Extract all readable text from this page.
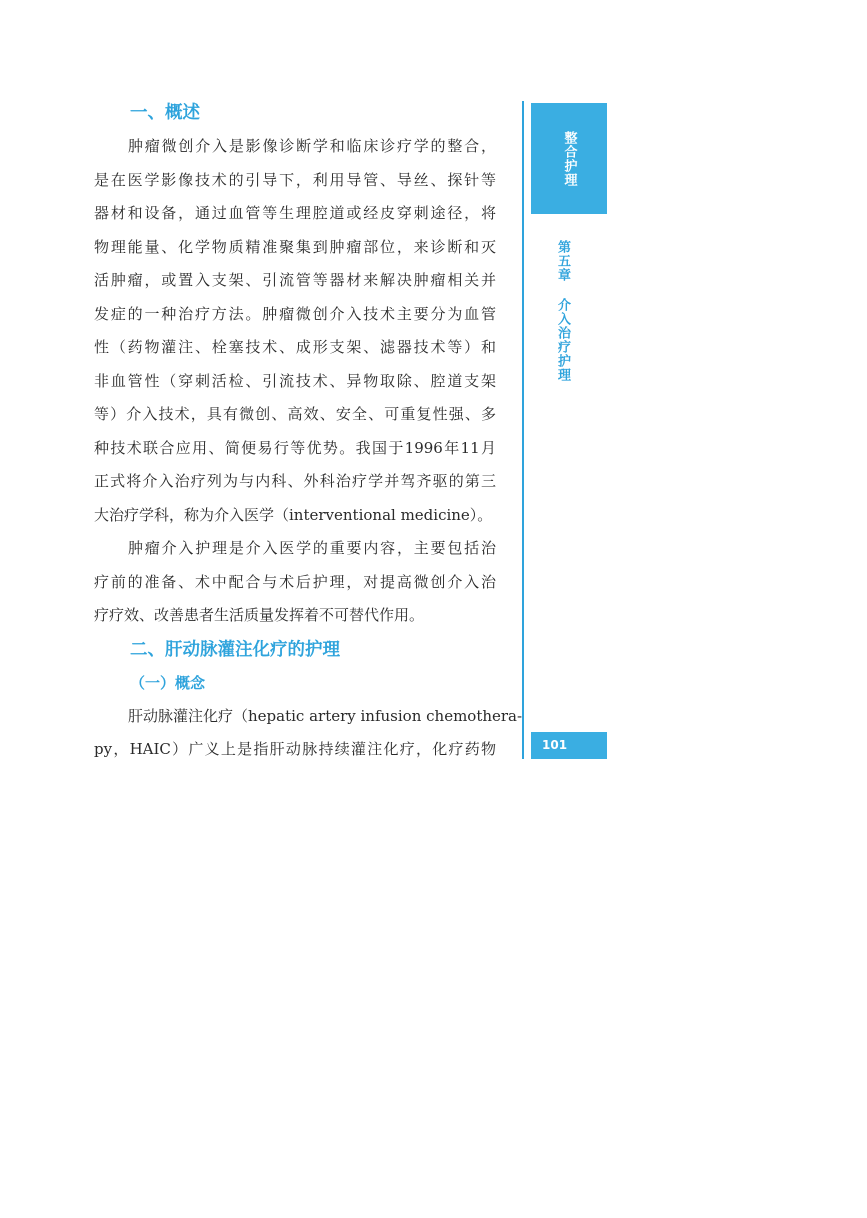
一、概述

肿瘤微创介入是影像诊断学和临床诊疗学的整合，
是在医学影像技术的引导下，利用导管、导丝、探针等
器材和设备，通过血管等生理腔道或经皮穿刺途径，将
物理能量、化学物质精准聚集到肿瘤部位，来诊断和灭
活肿瘤，或置入支架、引流管等器材来解决肿瘤相关并
发症的一种治疗方法。肿瘤微创介入技术主要分为血管
性（药物灌注、栓塞技术、成形支架、滤器技术等）和
非血管性（穿刺活检、引流技术、异物取除、腔道支架
等）介入技术，具有微创、高效、安全、可重复性强、多
种技术联合应用、简便易行等优势。我国于1996年11月
正式将介入治疗列为与内科、外科治疗学并驾齐驱的第三
大治疗学科，称为介入医学（interventional medicine）。

肿瘤介入护理是介入医学的重要内容，主要包括治
疗前的准备、术中配合与术后护理，对提高微创介入治
疗疗效、改善患者生活质量发挥着不可替代作用。

二、肝动脉灌注化疗的护理
（一）概念

肝动脉灌注化疗（hepatic artery infusion chemothera-
py，HAIC）广义上是指肝动脉持续灌注化疗，化疗药物

整合护理
第五章介入治疗护理
101
